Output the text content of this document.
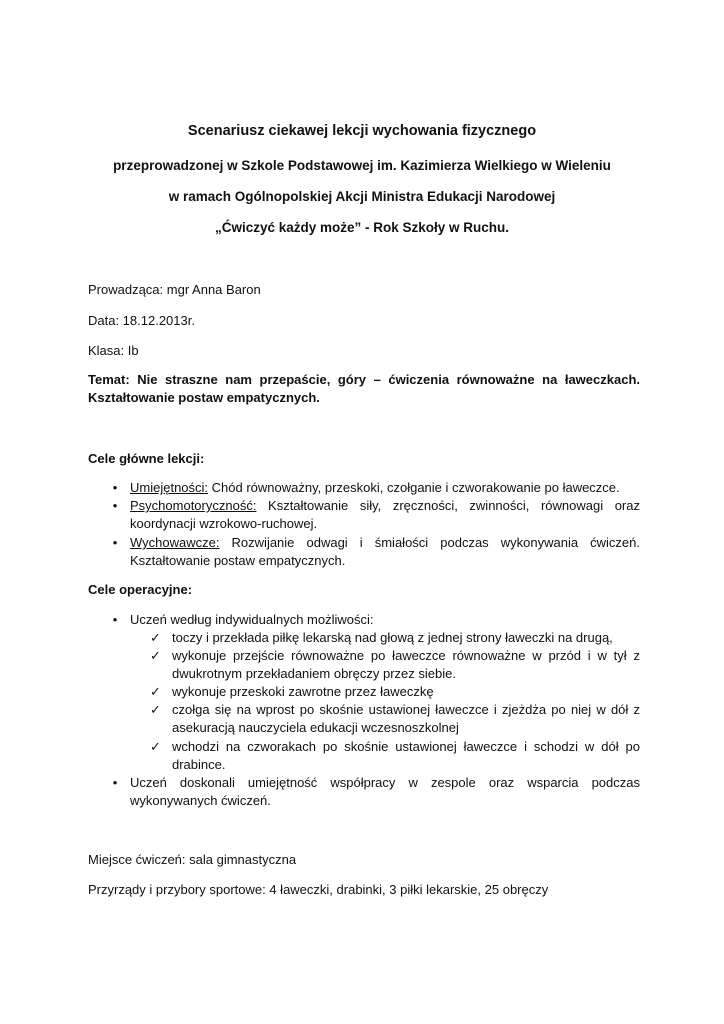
Scenariusz ciekawej lekcji wychowania fizycznego
przeprowadzonej w Szkole Podstawowej im. Kazimierza Wielkiego w Wieleniu
w ramach Ogólnopolskiej Akcji Ministra Edukacji Narodowej
„Ćwiczyć każdy może” - Rok Szkoły w Ruchu.
Prowadząca: mgr Anna Baron
Data: 18.12.2013r.
Klasa: Ib
Temat: Nie straszne nam przepaście, góry – ćwiczenia równoważne na ławeczkach.
Kształtowanie postaw empatycznych.
Cele główne lekcji:
• Umiejętności: Chód równoważny, przeskoki, czołganie i czworakowanie po ławeczce.
• Psychomotoryczność: Kształtowanie siły, zręczności, zwinności, równowagi oraz
koordynacji wzrokowo-ruchowej.
• Wychowawcze: Rozwijanie odwagi i śmiałości podczas wykonywania ćwiczeń.
Kształtowanie postaw empatycznych.
Cele operacyjne:
• Uczeń według indywidualnych możliwości:
✓ toczy i przekłada piłkę lekarską nad głową z jednej strony ławeczki na drugą,
✓ wykonuje przejście równoważne po ławeczce równoważne w przód i w tył z
dwukrotnym przekładaniem obręczy przez siebie.
✓ wykonuje przeskoki zawrotne przez ławeczkę
✓ czołga się na wprost po skośnie ustawionej ławeczce i zjeżdża po niej w dół z
asekuracją nauczyciela edukacji wczesnoszkolnej
✓ wchodzi na czworakach po skośnie ustawionej ławeczce i schodzi w dół po
drabince.
• Uczeń doskonali umiejętność współpracy w zespole oraz wsparcia podczas
wykonywanych ćwiczeń.
Miejsce ćwiczeń: sala gimnastyczna
Przyrządy i przybory sportowe: 4 ławeczki, drabinki, 3 piłki lekarskie, 25 obręczy
